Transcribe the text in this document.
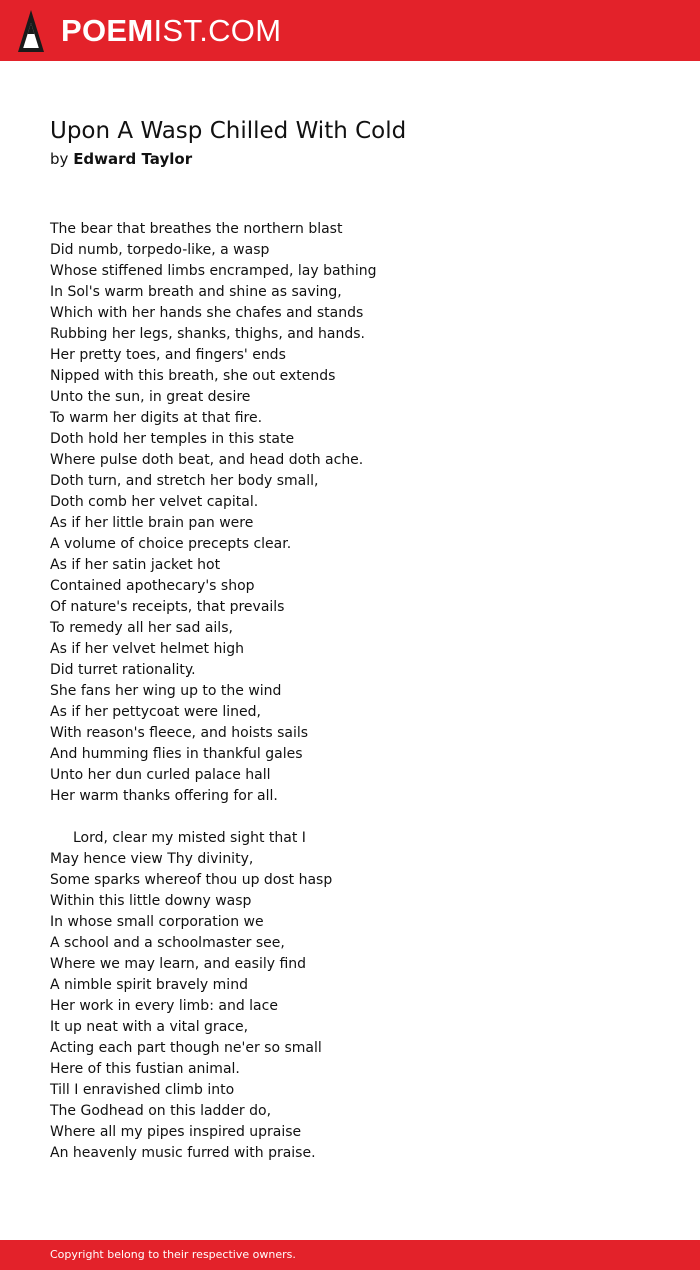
POEMIST.COM
Upon A Wasp Chilled With Cold
by Edward Taylor
The bear that breathes the northern blast
Did numb, torpedo-like, a wasp
Whose stiffened limbs encramped, lay bathing
In Sol's warm breath and shine as saving,
Which with her hands she chafes and stands
Rubbing her legs, shanks, thighs, and hands.
Her pretty toes, and fingers' ends
Nipped with this breath, she out extends
Unto the sun, in great desire
To warm her digits at that fire.
Doth hold her temples in this state
Where pulse doth beat, and head doth ache.
Doth turn, and stretch her body small,
Doth comb her velvet capital.
As if her little brain pan were
A volume of choice precepts clear.
As if her satin jacket hot
Contained apothecary's shop
Of nature's receipts, that prevails
To remedy all her sad ails,
As if her velvet helmet high
Did turret rationality.
She fans her wing up to the wind
As if her pettycoat were lined,
With reason's fleece, and hoists sails
And humming flies in thankful gales
Unto her dun curled palace hall
Her warm thanks offering for all.
Lord, clear my misted sight that I
May hence view Thy divinity,
Some sparks whereof thou up dost hasp
Within this little downy wasp
In whose small corporation we
A school and a schoolmaster see,
Where we may learn, and easily find
A nimble spirit bravely mind
Her work in every limb: and lace
It up neat with a vital grace,
Acting each part though ne'er so small
Here of this fustian animal.
Till I enravished climb into
The Godhead on this ladder do,
Where all my pipes inspired upraise
An heavenly music furred with praise.
Copyright belong to their respective owners.
